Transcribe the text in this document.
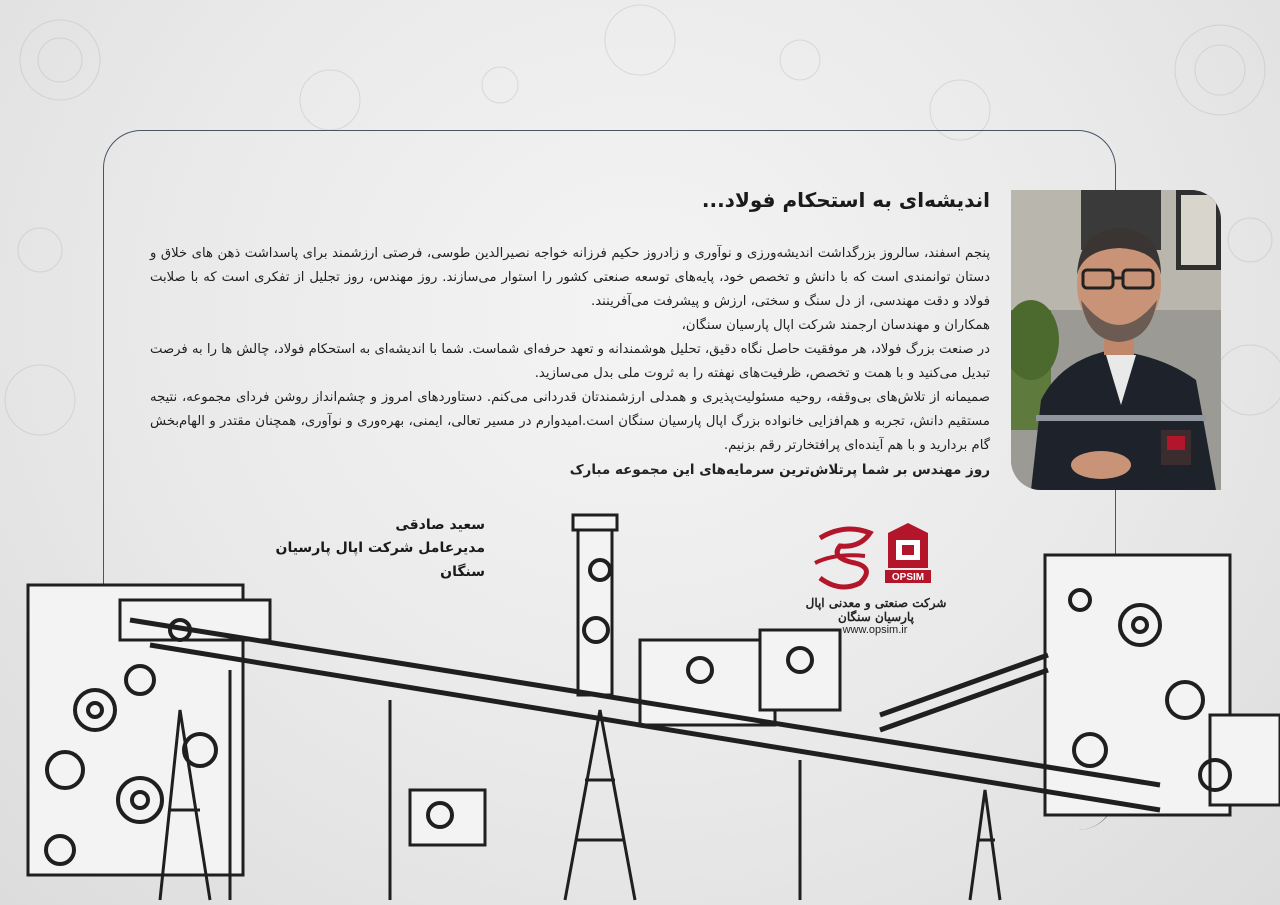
اندیشه‌ای به استحکام فولاد...

پنجم اسفند، سالروز بزرگداشت اندیشه‌ورزی و نوآوری و زادروز حکیم فرزانه خواجه نصیرالدین طوسی، فرصتی ارزشمند برای پاسداشت ذهن های خلاق و دستان توانمندی است که با دانش و تخصص خود، پایه‌های توسعه صنعتی کشور را استوار می‌سازند. روز مهندس، روز تجلیل از تفکری است که با صلابت فولاد و دقت مهندسی، از دل سنگ و سختی، ارزش و پیشرفت می‌آفرینند.

همکاران و مهندسان ارجمند شرکت اپال پارسیان سنگان،

در صنعت بزرگ فولاد، هر موفقیت حاصل نگاه دقیق، تحلیل هوشمندانه و تعهد حرفه‌ای شماست. شما با اندیشه‌ای به استحکام فولاد، چالش ها را به فرصت تبدیل می‌کنید و با همت و تخصص، ظرفیت‌های نهفته را به ثروت ملی بدل می‌سازید.

صمیمانه از تلاش‌های بی‌وقفه، روحیه مسئولیت‌پذیری و همدلی ارزشمندتان قدردانی می‌کنم. دستاوردهای امروز و چشم‌انداز روشن فردای مجموعه، نتیجه مستقیم دانش، تجربه و هم‌افزایی خانواده بزرگ اپال پارسیان سنگان است.امیدوارم در مسیر تعالی، ایمنی، بهره‌وری و نوآوری، همچنان مقتدر و الهام‌بخش گام بردارید و با هم آینده‌ای پرافتخارتر رقم بزنیم.

روز مهندس بر شما پرتلاش‌ترین سرمایه‌های این مجموعه مبارک

سعید صادقی
مدیرعامل شرکت اپال پارسیان سنگان	OPSIM
شرکت صنعتی و معدنی اپال پارسیان سنگان
www.opsim.ir
